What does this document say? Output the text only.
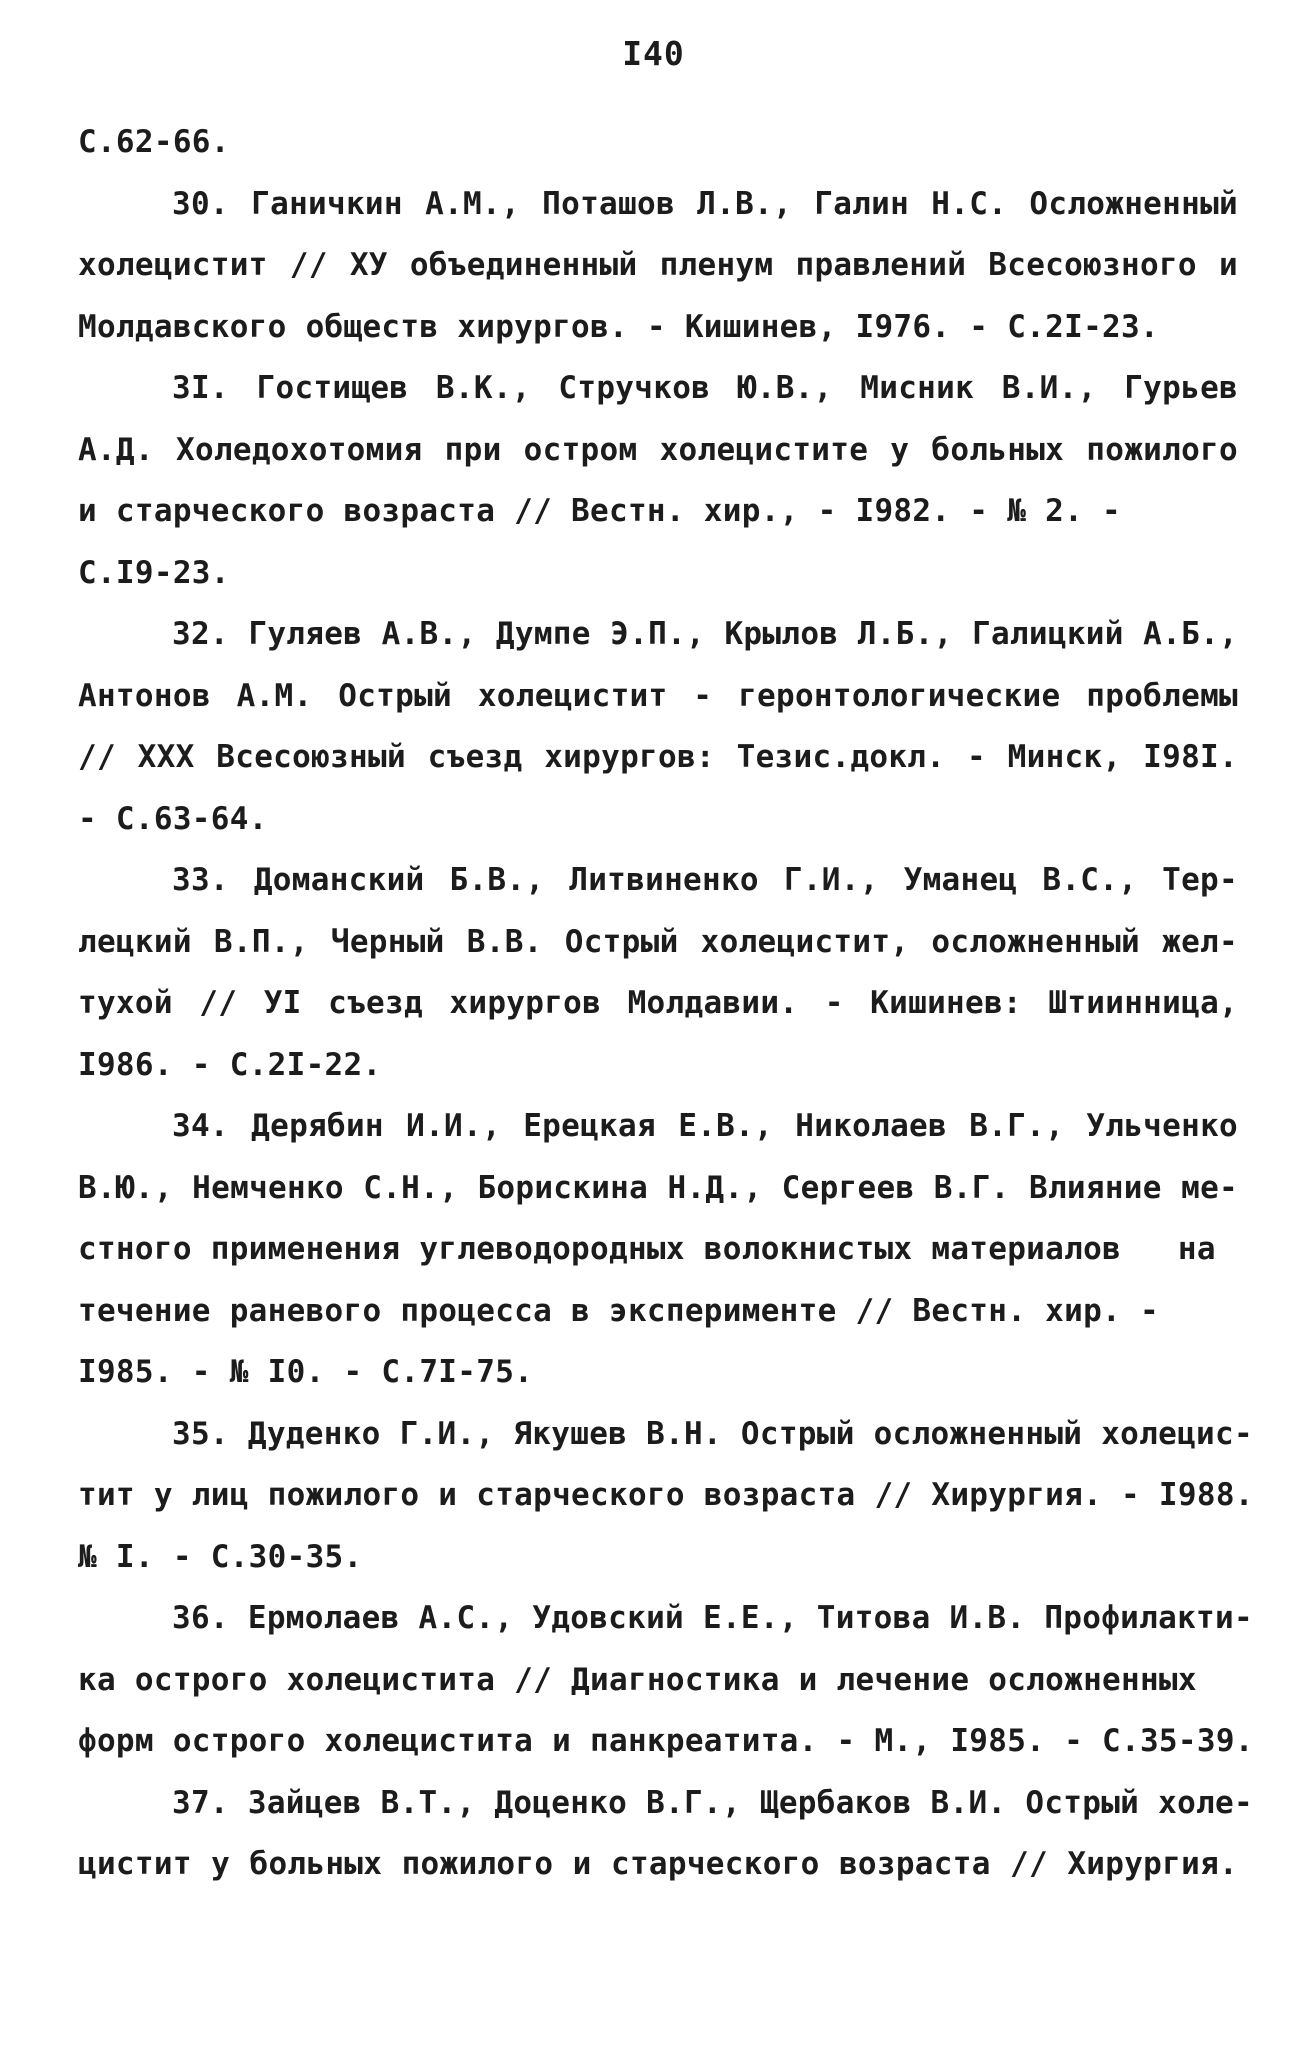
I40
С.62-66.
30. Ганичкин А.М., Поташов Л.В., Галин Н.С. Осложненный
холецистит // ХУ объединенный пленум правлений Всесоюзного и
Молдавского обществ хирургов. - Кишинев, I976. - С.2I-23.
3I. Гостищев В.К., Стручков Ю.В., Мисник В.И., Гурьев
А.Д. Холедохотомия при остром холецистите у больных пожилого
и старческого возраста // Вестн. хир., - I982. - № 2. -
С.I9-23.
32. Гуляев А.В., Думпе Э.П., Крылов Л.Б., Галицкий А.Б.,
Антонов А.М. Острый холецистит - геронтологические проблемы
// XXX Всесоюзный съезд хирургов: Тезис.докл. - Минск, I98I.
- С.63-64.
33. Доманский Б.В., Литвиненко Г.И., Уманец В.С., Тер-
лецкий В.П., Черный В.В. Острый холецистит, осложненный жел-
тухой // УI съезд хирургов Молдавии. - Кишинев: Штиинница,
I986. - С.2I-22.
34. Дерябин И.И., Ерецкая Е.В., Николаев В.Г., Ульченко
В.Ю., Немченко С.Н., Борискина Н.Д., Сергеев В.Г. Влияние ме-
стного применения углеводородных волокнистых материалов   на
течение раневого процесса в эксперименте // Вестн. хир. -
I985. - № I0. - С.7I-75.
35. Дуденко Г.И., Якушев В.Н. Острый осложненный холецис-
тит у лиц пожилого и старческого возраста // Хирургия. - I988.
№ I. - С.30-35.
36. Ермолаев А.С., Удовский Е.Е., Титова И.В. Профилакти-
ка острого холецистита // Диагностика и лечение осложненных
форм острого холецистита и панкреатита. - М., I985. - С.35-39.
37. Зайцев В.Т., Доценко В.Г., Щербаков В.И. Острый холе-
цистит у больных пожилого и старческого возраста // Хирургия.
